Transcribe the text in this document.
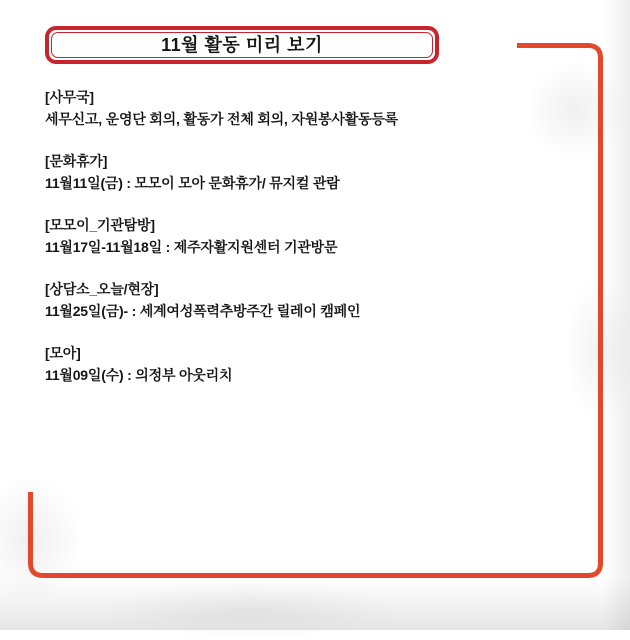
11월 활동 미리 보기
[사무국]
세무신고, 운영단 회의, 활동가 전체 회의, 자원봉사활동등록
[문화휴가]
11월11일(금) : 모모이 모아 문화휴가/ 뮤지컬 관람
[모모이_기관탐방]
11월17일-11월18일 : 제주자활지원센터 기관방문
[상담소_오늘/현장]
11월25일(금)- : 세계여성폭력추방주간 릴레이 캠페인
[모아]
11월09일(수) : 의정부 아웃리치
